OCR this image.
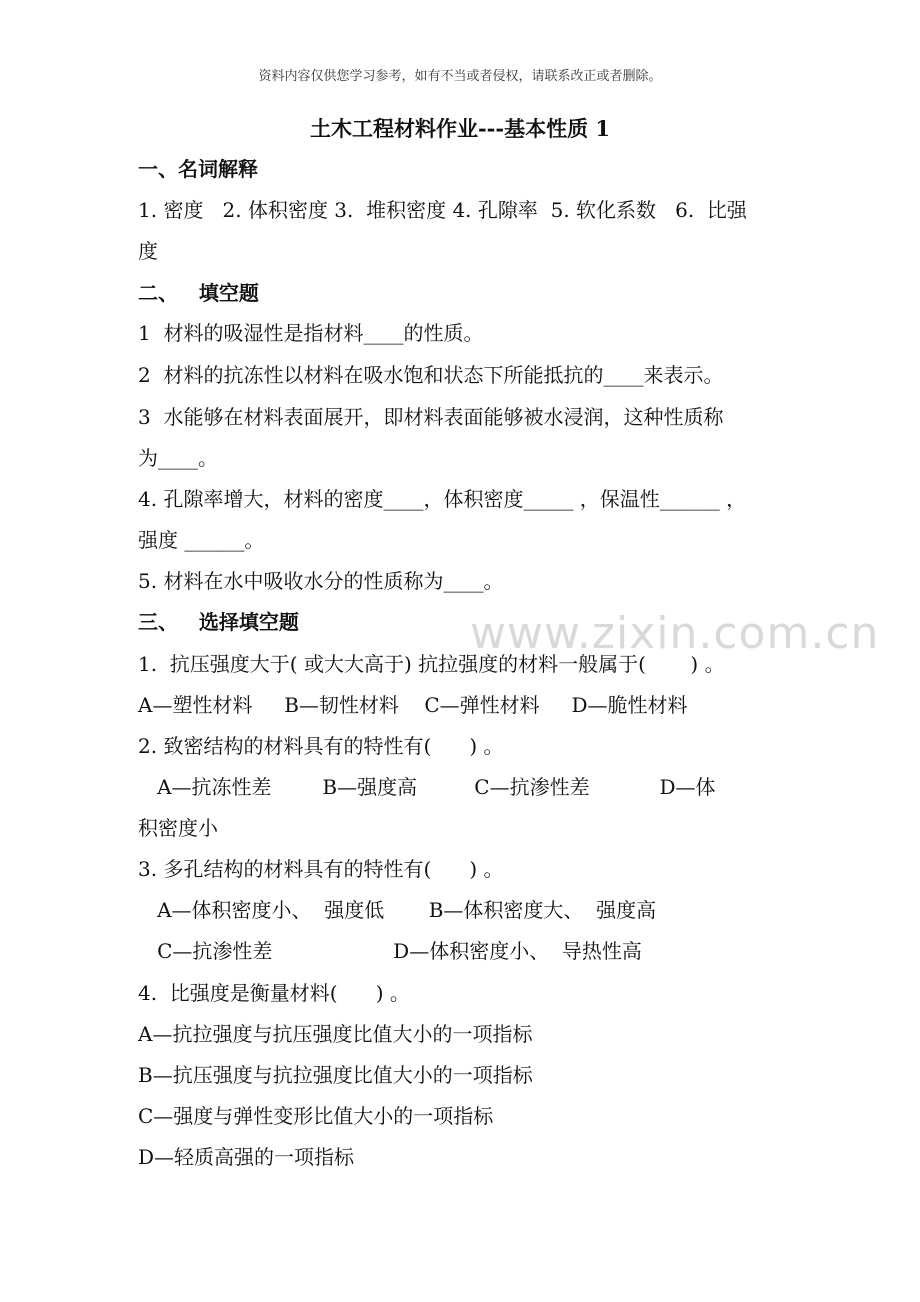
资料内容仅供您学习参考，如有不当或者侵权，请联系改正或者删除。
土木工程材料作业---基本性质 1
一、名词解释
1. 密度   2. 体积密度 3.  堆积密度 4. 孔隙率  5. 软化系数   6.  比强
度
二、   填空题
1  材料的吸湿性是指材料____的性质。
2  材料的抗冻性以材料在吸水饱和状态下所能抵抗的____来表示。
3  水能够在材料表面展开，即材料表面能够被水浸润，这种性质称
为____。
4. 孔隙率增大，材料的密度____，体积密度_____ ，保温性______ ，
强度 ______。
5. 材料在水中吸收水分的性质称为____。
三、   选择填空题
1.  抗压强度大于( 或大大高于) 抗拉强度的材料一般属于(       ) 。
A—塑性材料     B—韧性材料    C—弹性材料     D—脆性材料
2. 致密结构的材料具有的特性有(      ) 。
A—抗冻性差        B—强度高         C—抗渗性差           D—体
积密度小
3. 多孔结构的材料具有的特性有(      ) 。
A—体积密度小、  强度低       B—体积密度大、  强度高
C—抗渗性差                   D—体积密度小、  导热性高
4.  比强度是衡量材料(      ) 。
A—抗拉强度与抗压强度比值大小的一项指标
B—抗压强度与抗拉强度比值大小的一项指标
C—强度与弹性变形比值大小的一项指标
D—轻质高强的一项指标
www.zixin.com.cn
